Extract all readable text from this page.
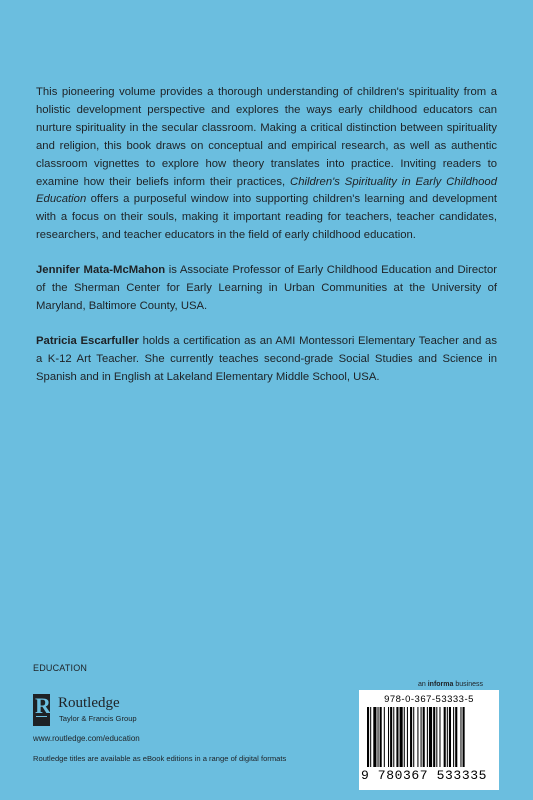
This pioneering volume provides a thorough understanding of children's spirituality from a holistic development perspective and explores the ways early childhood educators can nurture spirituality in the secular classroom. Making a critical distinction between spirituality and religion, this book draws on conceptual and empirical research, as well as authentic classroom vignettes to explore how theory translates into practice. Inviting readers to examine how their beliefs inform their practices, Children's Spirituality in Early Childhood Education offers a purposeful window into supporting children's learning and development with a focus on their souls, making it important reading for teachers, teacher candidates, researchers, and teacher educators in the field of early childhood education.

Jennifer Mata-McMahon is Associate Professor of Early Childhood Education and Director of the Sherman Center for Early Learning in Urban Communities at the University of Maryland, Baltimore County, USA.

Patricia Escarfuller holds a certification as an AMI Montessori Elementary Teacher and as a K-12 Art Teacher. She currently teaches second-grade Social Studies and Science in Spanish and in English at Lakeland Elementary Middle School, USA.

EDUCATION
R Routledge
Taylor & Francis Group
www.routledge.com/education
Routledge titles are available as eBook editions in a range of digital formats
an informa business
978-0-367-53333-5
9 780367 533335
